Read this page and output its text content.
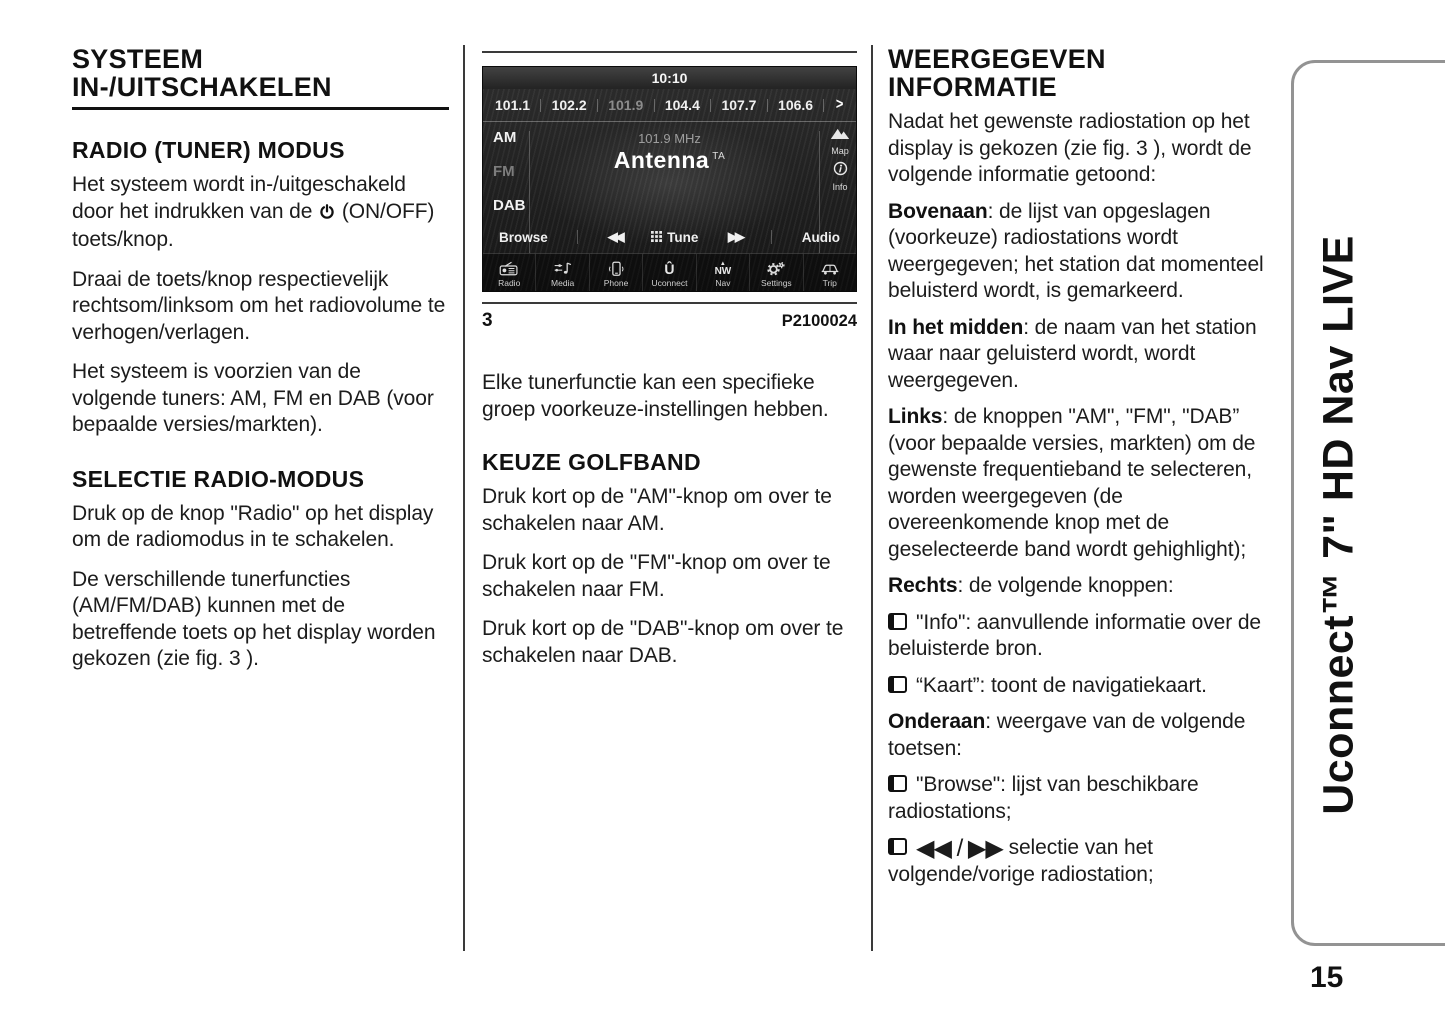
SYSTEEM
IN-/UITSCHAKELEN
RADIO (TUNER) MODUS

Het systeem wordt in-/uitgeschakeld door het indrukken van de  (ON/OFF) toets/knop.

Draai de toets/knop respectievelijk rechtsom/linksom om het radiovolume te verhogen/verlagen.

Het systeem is voorzien van de volgende tuners: AM, FM en DAB (voor bepaalde versies/markten).

SELECTIE RADIO-MODUS

Druk op de knop "Radio" op het display om de radiomodus in te schakelen.

De verschillende tunerfuncties (AM/FM/DAB) kunnen met de betreffende toets op het display worden gekozen (zie fig. 3 ).

10:10
101.1 102.2 101.9 104.4 107.7 106.6 >
AM
FM
DAB
101.9 MHz
Antenna $^{TA}$
Map
Info
Browse	◀◀	Tune ▶▶	Audio
Radio	Media	Phone
Û
Uconnect
▲
NW
Nav	Settings	Trip
3	P2100024

Elke tunerfunctie kan een specifieke groep voorkeuze-instellingen hebben.

KEUZE GOLFBAND

Druk kort op de "AM"-knop om over te schakelen naar AM.

Druk kort op de "FM"-knop om over te schakelen naar FM.

Druk kort op de "DAB"-knop om over te schakelen naar DAB.

WEERGEGEVEN
INFORMATIE

Nadat het gewenste radiostation op het display is gekozen (zie fig. 3 ), wordt de volgende informatie getoond:

Bovenaan: de lijst van opgeslagen (voorkeuze) radiostations wordt weergegeven; het station dat momenteel beluisterd wordt, is gemarkeerd.

In het midden: de naam van het station waar naar geluisterd wordt, wordt weergegeven.

Links: de knoppen "AM", "FM", "DAB” (voor bepaalde versies, markten) om de gewenste frequentieband te selecteren, worden weergegeven (de overeenkomende knop met de geselecteerde band wordt gehighlight);

Rechts: de volgende knoppen:

"Info": aanvullende informatie over de beluisterde bron.

“Kaart”: toont de navigatiekaart.

Onderaan: weergave van de volgende toetsen:

"Browse": lijst van beschikbare radiostations;

◀◀ / ▶▶ selectie van het volgende/vorige radiostation;

Uconnect™ 7" HD Nav LIVE
15
